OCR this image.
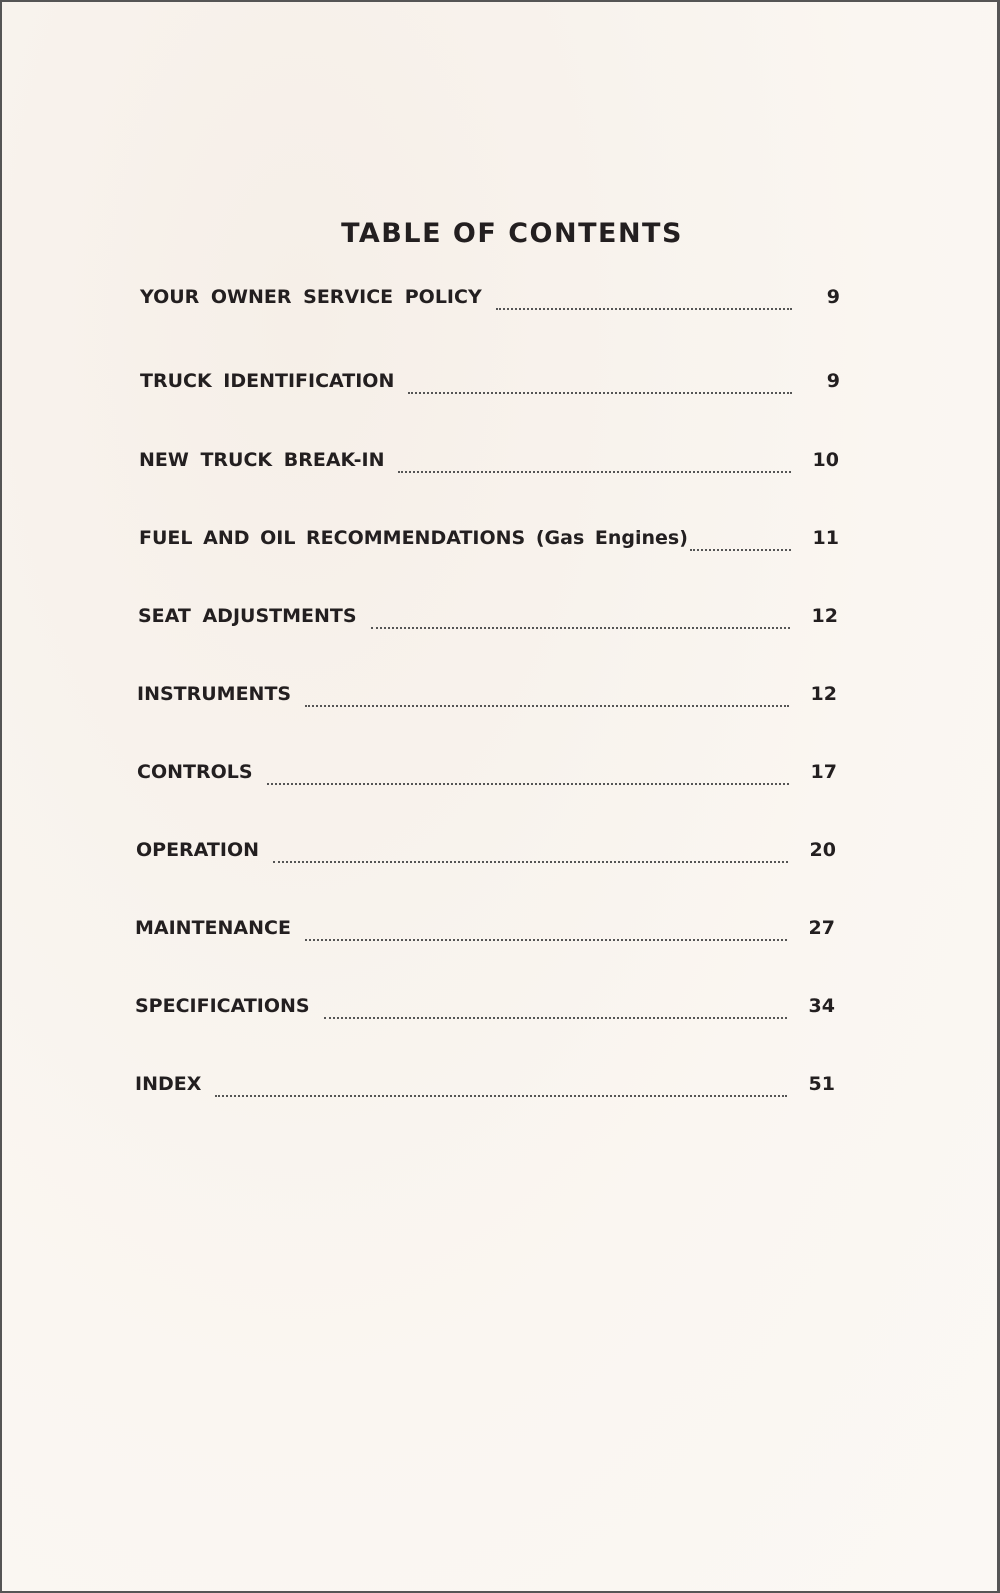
TABLE OF CONTENTS
YOUR OWNER SERVICE POLICY	9
TRUCK IDENTIFICATION	9
NEW TRUCK BREAK-IN	10
FUEL AND OIL RECOMMENDATIONS (Gas Engines)	11
SEAT ADJUSTMENTS	12
INSTRUMENTS	12
CONTROLS	17
OPERATION	20
MAINTENANCE	27
SPECIFICATIONS	34
INDEX	51
